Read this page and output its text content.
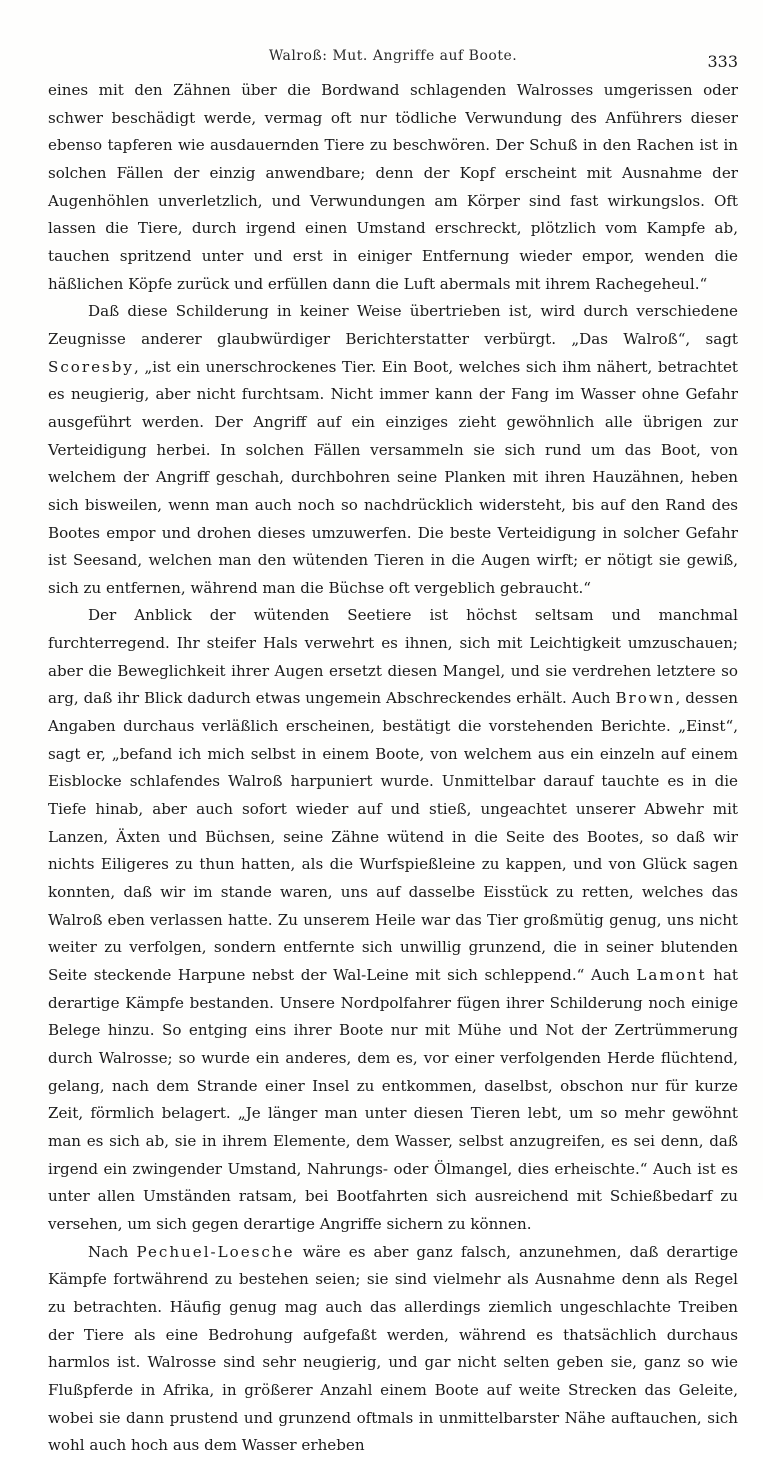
Walroß: Mut. Angriffe auf Boote.	333

eines mit den Zähnen über die Bordwand schlagenden Walrosses umgerissen oder schwer beschädigt werde, vermag oft nur tödliche Verwundung des Anführers dieser ebenso tapferen wie ausdauernden Tiere zu beschwören. Der Schuß in den Rachen ist in solchen Fällen der einzig anwendbare; denn der Kopf erscheint mit Ausnahme der Augenhöhlen unverletzlich, und Verwundungen am Körper sind fast wirkungslos. Oft lassen die Tiere, durch irgend einen Umstand erschreckt, plötzlich vom Kampfe ab, tauchen spritzend unter und erst in einiger Entfernung wieder empor, wenden die häßlichen Köpfe zurück und erfüllen dann die Luft abermals mit ihrem Rachegeheul.“

Daß diese Schilderung in keiner Weise übertrieben ist, wird durch verschiedene Zeugnisse anderer glaubwürdiger Berichterstatter verbürgt. „Das Walroß“, sagt Scoresby, „ist ein unerschrockenes Tier. Ein Boot, welches sich ihm nähert, betrachtet es neugierig, aber nicht furchtsam. Nicht immer kann der Fang im Wasser ohne Gefahr ausgeführt werden. Der Angriff auf ein einziges zieht gewöhnlich alle übrigen zur Verteidigung herbei. In solchen Fällen versammeln sie sich rund um das Boot, von welchem der Angriff geschah, durchbohren seine Planken mit ihren Hauzähnen, heben sich bisweilen, wenn man auch noch so nachdrücklich widersteht, bis auf den Rand des Bootes empor und drohen dieses umzuwerfen. Die beste Verteidigung in solcher Gefahr ist Seesand, welchen man den wütenden Tieren in die Augen wirft; er nötigt sie gewiß, sich zu entfernen, während man die Büchse oft vergeblich gebraucht.“

Der Anblick der wütenden Seetiere ist höchst seltsam und manchmal furchterregend. Ihr steifer Hals verwehrt es ihnen, sich mit Leichtigkeit umzuschauen; aber die Beweglichkeit ihrer Augen ersetzt diesen Mangel, und sie verdrehen letztere so arg, daß ihr Blick dadurch etwas ungemein Abschreckendes erhält. Auch Brown, dessen Angaben durchaus verläßlich erscheinen, bestätigt die vorstehenden Berichte. „Einst“, sagt er, „befand ich mich selbst in einem Boote, von welchem aus ein einzeln auf einem Eisblocke schlafendes Walroß harpuniert wurde. Unmittelbar darauf tauchte es in die Tiefe hinab, aber auch sofort wieder auf und stieß, ungeachtet unserer Abwehr mit Lanzen, Äxten und Büchsen, seine Zähne wütend in die Seite des Bootes, so daß wir nichts Eiligeres zu thun hatten, als die Wurfspießleine zu kappen, und von Glück sagen konnten, daß wir im stande waren, uns auf dasselbe Eisstück zu retten, welches das Walroß eben verlassen hatte. Zu unserem Heile war das Tier großmütig genug, uns nicht weiter zu verfolgen, sondern entfernte sich unwillig grunzend, die in seiner blutenden Seite steckende Harpune nebst der Wal-Leine mit sich schleppend.“ Auch Lamont hat derartige Kämpfe bestanden. Unsere Nordpolfahrer fügen ihrer Schilderung noch einige Belege hinzu. So entging eins ihrer Boote nur mit Mühe und Not der Zertrümmerung durch Walrosse; so wurde ein anderes, dem es, vor einer verfolgenden Herde flüchtend, gelang, nach dem Strande einer Insel zu entkommen, daselbst, obschon nur für kurze Zeit, förmlich belagert. „Je länger man unter diesen Tieren lebt, um so mehr gewöhnt man es sich ab, sie in ihrem Elemente, dem Wasser, selbst anzugreifen, es sei denn, daß irgend ein zwingender Umstand, Nahrungs- oder Ölmangel, dies erheischte.“ Auch ist es unter allen Umständen ratsam, bei Bootfahrten sich ausreichend mit Schießbedarf zu versehen, um sich gegen derartige Angriffe sichern zu können.

Nach Pechuel-Loesche wäre es aber ganz falsch, anzunehmen, daß derartige Kämpfe fortwährend zu bestehen seien; sie sind vielmehr als Ausnahme denn als Regel zu betrachten. Häufig genug mag auch das allerdings ziemlich ungeschlachte Treiben der Tiere als eine Bedrohung aufgefaßt werden, während es thatsächlich durchaus harmlos ist. Walrosse sind sehr neugierig, und gar nicht selten geben sie, ganz so wie Flußpferde in Afrika, in größerer Anzahl einem Boote auf weite Strecken das Geleite, wobei sie dann prustend und grunzend oftmals in unmittelbarster Nähe auftauchen, sich wohl auch hoch aus dem Wasser erheben
